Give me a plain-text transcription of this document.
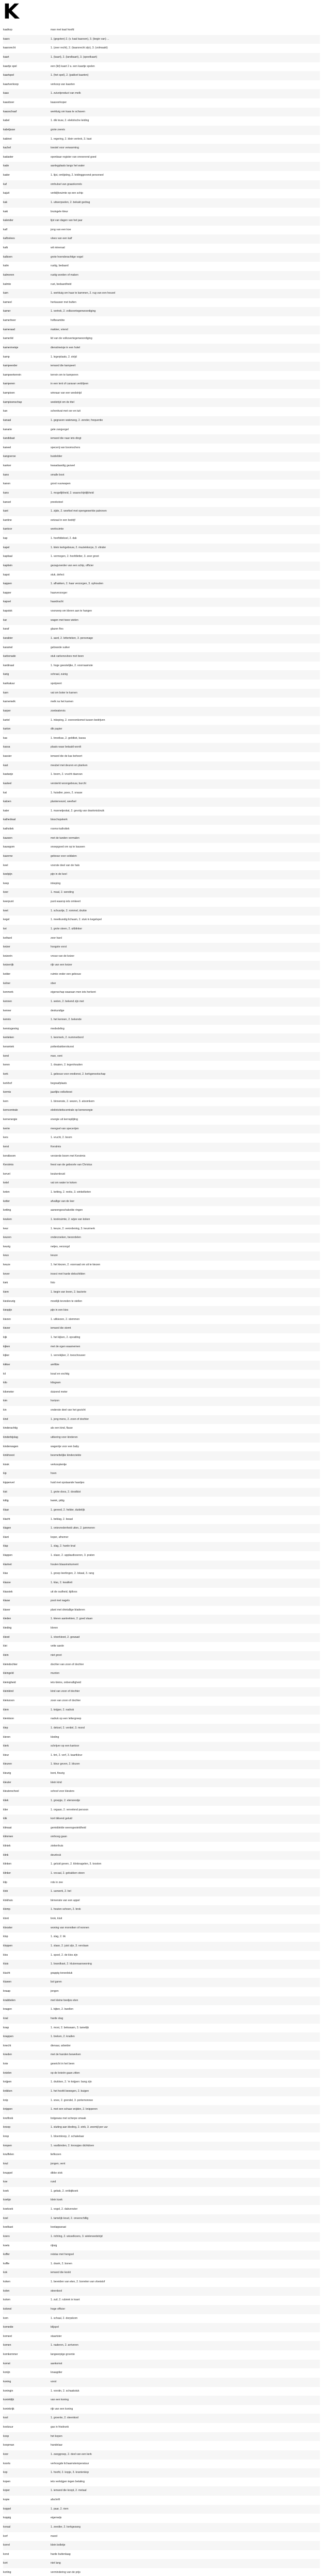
K
kaalkop	man met kaal hoofd
kaars	1. (gegoten) 2. (v. kaal kaarsen), 3. (begin van) ...
kaarsrecht	1. (zeer recht), 2. (kaarsrecht zijn), 3. (volmaakt)
kaart	1. (kaart), 2. (landkaart), 3. (speelkaart)
kaartje spel	een (lid) kaart 2 a. een kaartje spelen
kaartspel	1. (het spel), 2. (pakket kaarten)
kaartverkoop	verkoop van kaarten
kaas	1. zuivelproduct van melk
kaasboer	kaasverkoper
kaasschaaf	werktuig om kaas te schaven
kabel	1. dik touw, 2. elektrische leiding
kabeljauw	grote zeevis
kabinet	1. regering, 2. klein vertrek, 3. kast
kachel	toestel voor verwarming
kadaster	openbaar register van onroerend goed
kade	aanlegplaats langs het water
kader	1. lijst, omlijsting, 2. leidinggevend personeel
kaf	omhulsel van graankorrels
kajuit	verblijfsruimte op een schip
kak	1. uitwerpselen, 2. bekakt gedrag
kaki	bruingele kleur
kalender	lijst van dagen van het jaar
kalf	jong van een koe
kalfsvlees	vlees van een kalf
kalk	wit mineraal
kalkoen	grote hoenderachtige vogel
kalm	rustig, bedaard
kalmeren	rustig worden of maken
kalmte	rust, bedaardheid
kam	1. werktuig om haar te kammen, 2. rug van een heuvel
kameel	herkauwer met bulten
kamer	1. vertrek, 2. volksvertegenwoordiging
kamerheer	hofbeambte
kameraad	makker, vriend
kamerlid	lid van de volksvertegenwoordiging
kamermeisje	dienstmeisje in een hotel
kamp	1. legerplaats, 2. strijd
kampeerder	iemand die kampeert
kampeerterrein	terrein om te kamperen
kamperen	in een tent of caravan verblijven
kampioen	winnaar van een wedstrijd
kampioenschap	wedstrijd om de titel
kan	schenkvat met oor en tuit
kanaal	1. gegraven waterweg, 2. zender, frequentie
kanarie	gele zangvogel
kandidaat	iemand die naar iets dingt
kaneel	specerij van boomschors
kangoeroe	buideldier
kanker	kwaadaardig gezwel
kano	smalle boot
kanon	groot vuurwapen
kans	1. mogelijkheid, 2. waarschijnlijkheid
kansel	preekstoel
kant	1. zijde, 2. weefsel met opengewerkte patronen
kantine	eetzaal in een bedrijf
kantoor	werkruimte
kap	1. hoofddeksel, 2. dak
kapel	1. klein kerkgebouw, 2. muziekkorps, 3. vlinder
kapitaal	1. vermogen, 2. hoofdletter, 3. zeer groot
kapitein	gezagvoerder van een schip, officier
kapot	stuk, defect
kappen	1. afhakken, 2. haar verzorgen, 3. ophouden
kapper	haarverzorger
kapsel	haardracht
kapstok	voorwerp om kleren aan te hangen
kar	wagen met twee wielen
karaf	glazen fles
karakter	1. aard, 2. letterteken, 3. personage
karamel	gebrande suiker
karbonade	stuk varkensvlees met been
kardinaal	1. hoge geestelijke, 2. voornaamste
karig	schraal, zuinig
karikatuur	spotprent
karn	vat om boter te karnen
karnemelk	melk na het karnen
karper	zoetwatervis
kartel	1. inkeping, 2. overeenkomst tussen bedrijven
karton	dik papier
kas	1. broeikas, 2. geldkist, kassa
kassa	plaats waar betaald wordt
kassier	iemand die de kas beheert
kast	meubel met deuren en planken
kastanje	1. boom, 2. vrucht daarvan
kasteel	versterkt woongebouw, burcht
kat	1. huisdier, poes, 2. snauw
katoen	plantenvezel, weefsel
kater	1. mannetjeskat, 2. gevolg van drankmisbruik
kathedraal	bisschopskerk
katholiek	rooms-katholiek
kauwen	met de tanden vermalen
kauwgom	snoepgoed om op te kauwen
kazerne	gebouw voor soldaten
keel	voorste deel van de hals
keelpijn	pijn in de keel
keep	inkeping
keer	1. maal, 2. wending
keerpunt	punt waarop iets omkeert
keet	1. schuurtje, 2. rommel, drukte
kegel	1. meetkundig lichaam, 2. stuk in kegelspel
kei	1. grote steen, 2. uitblinker
keihard	zeer hard
keizer	hoogste vorst
keizerin	vrouw van de keizer
keizerrijk	rijk van een keizer
kelder	ruimte onder een gebouw
kelner	ober
kenmerk	eigenschap waaraan men iets herkent
kennen	1. weten, 2. bekend zijn met
kenner	deskundige
kennis	1. het kennen, 2. bekende
kennisgeving	mededeling
kenteken	1. kenmerk, 2. nummerbord
keramiek	pottenbakkerskunst
kerel	man, vent
keren	1. draaien, 2. tegenhouden
kerk	1. gebouw voor eredienst, 2. kerkgenootschap
kerkhof	begraafplaats
kermis	jaarlijks volksfeest
kern	1. binnenste, 2. wezen, 3. atoomkern
kerncentrale	elektriciteitscentrale op kernenergie
kernenergie	energie uit kernsplijting
kerrie	mengsel van specerijen
kers	1. vrucht, 2. boom
kerst	Kerstmis
kerstboom	versierde boom met Kerstmis
Kerstmis	feest van de geboorte van Christus
kervel	keukenkruid
ketel	vat om water te koken
keten	1. ketting, 2. reeks, 3. winkelketen
ketter	afvallige van de leer
ketting	aaneengeschakelde ringen
keuken	1. kookruimte, 2. wijze van koken
keur	1. keuze, 2. verordening, 3. keurmerk
keuren	onderzoeken, beoordelen
keurig	netjes, verzorgd
keus	keuze
keuze	1. het kiezen, 2. voorraad om uit te kiezen
kever	insect met harde dekschilden
kiek	foto
kiem	1. begin van leven, 2. bacterie
kieskeurig	moeilijk tevreden te stellen
kiespijn	pijn in een kies
kiezen	1. uitkiezen, 2. stemmen
kiezer	iemand die stemt
kijk	1. het kijken, 2. opvatting
kijken	met de ogen waarnemen
kijker	1. verrekijker, 2. toeschouwer
kikker	amfibie
kil	koud en vochtig
kilo	kilogram
kilometer	duizend meter
kim	horizon
kin	onderste deel van het gezicht
kind	1. jong mens, 2. zoon of dochter
kinderachtig	als een kind, flauw
kinderbijslag	uitkering voor kinderen
kinderwagen	wagentje voor een baby
kinkhoest	besmettelijke kinderziekte
kiosk	verkooptentje
kip	hoen
kippenvel	huid met opstaande haartjes
kist	1. grote doos, 2. doodkist
kittig	kwiek, pittig
klaar	1. gereed, 2. helder, duidelijk
klacht	1. beklag, 2. kwaal
klagen	1. ontevredenheid uiten, 2. jammeren
klant	koper, afnemer
klap	1. slag, 2. harde knal
klappen	1. slaan, 2. applaudisseren, 3. praten
klarinet	houten blaasinstrument
klas	1. groep leerlingen, 2. lokaal, 3. rang
klasse	1. klas, 2. kwaliteit
klassiek	uit de oudheid, tijdloos
klauw	poot met nagels
klaver	plant met drietallige bladeren
kleden	1. kleren aantrekken, 2. goed staan
kleding	kleren
kleed	1. vloerkleed, 2. gewaad
klei	vette aarde
klein	niet groot
kleindochter	dochter van zoon of dochter
kleingeld	munten
kleinigheid	iets kleins, onbenulligheid
kleinkind	kind van zoon of dochter
kleinzoon	zoon van zoon of dochter
klem	1. knijper, 2. nadruk
klemtoon	nadruk op een lettergreep
klep	1. deksel, 2. ventiel, 3. mond
kleren	kleding
klerk	schrijver op een kantoor
kleur	1. tint, 2. verf, 3. kaartkleur
kleuren	1. kleur geven, 2. blozen
kleurig	bont, fleurig
kleuter	klein kind
kleuterschool	school voor kleuters
kliek	1. groepje, 2. etensrestje
klier	1. orgaan, 2. vervelend persoon
klik	kort tikkend geluid
klimaat	gemiddelde weersgesteldheid
klimmen	omhoog gaan
kliniek	ziekenhuis
klink	deurkruk
klinken	1. geluid geven, 2. klinknagelen, 3. toosten
klinker	1. vocaal, 2. gebakken steen
klip	rots in zee
klok	1. uurwerk, 2. bel
klokhuis	binnenste van een appel
klomp	1. houten schoen, 2. brok
klont	brok, kluit
klooster	woning van monniken of nonnen
klop	1. slag, 2. tik
kloppen	1. slaan, 2. juist zijn, 3. verslaan
klos	1. spoel, 2. de klos zijn
kluis	1. brandkast, 2. kluizenaarswoning
klucht	grappig toneelstuk
kluwen	bol garen
knaap	jongen
knabbelen	met kleine beetjes eten
knagen	1. bijten, 2. kwellen
knal	harde slag
knap	1. mooi, 2. bekwaam, 3. tamelijk
knappen	1. breken, 2. knallen
knecht	dienaar, arbeider
kneden	met de handen bewerken
knie	gewricht in het been
knielen	op de knieën gaan zitten
knijpen	1. drukken, 2. 'm knijpen: bang zijn
knikken	1. het hoofd bewegen, 2. buigen
knip	1. snee, 2. grendel, 3. portemonnee
knippen	1. met een schaar snijden, 2. knipperen
knoflook	bolgewas met scherpe smaak
knoop	1. sluiting aan kleding, 2. strik, 3. zeemijl per uur
knop	1. bloemknop, 2. schakelaar
knopen	1. vastbinden, 2. knoopjes dichtdoen
knuffelen	liefkozen
knul	jongen, vent
knuppel	dikke stok
koe	rund
koek	1. gebak, 2. ontbijtkoek
koekje	klein koek
koekoek	1. vogel, 2. dakvenster
koel	1. tamelijk koud, 2. onverschillig
koelkast	koelapparaat
koers	1. richting, 2. wisselkoers, 3. wielerwedstrijd
koets	rijtuig
koffer	reistas met hengsel
koffie	1. drank, 2. bonen
kok	iemand die kookt
koken	1. bereiden van eten, 2. borrelen van vloeistof
kolen	steenkool
kolom	1. zuil, 2. rubriek in krant
kolonel	hoge officier
kom	1. schaal, 2. dorpskom
komedie	blijspel
komeet	staartster
komen	1. naderen, 2. arriveren
komkommer	langwerpige groente
komst	aankomst
konijn	knaagdier
koning	vorst
koningin	1. vorstin, 2. schaakstuk
koninklijk	van een koning
koninkrijk	rijk van een koning
kool	1. groente, 2. steenkool
koolzuur	gas in frisdrank
koop	het kopen
koopman	handelaar
koor	1. zanggroep, 2. deel van een kerk
koorts	verhoogde lichaamstemperatuur
kop	1. hoofd, 2. kopje, 3. krantenkop
kopen	iets verkrijgen tegen betaling
koper	1. iemand die koopt, 2. metaal
kopie	afschrift
koppel	1. paar, 2. riem
koppig	eigenwijs
koraal	1. zeedier, 2. kerkgezang
korf	mand
korrel	klein bolletje
korst	harde buitenlaag
kort	niet lang
korting	vermindering van de prijs
